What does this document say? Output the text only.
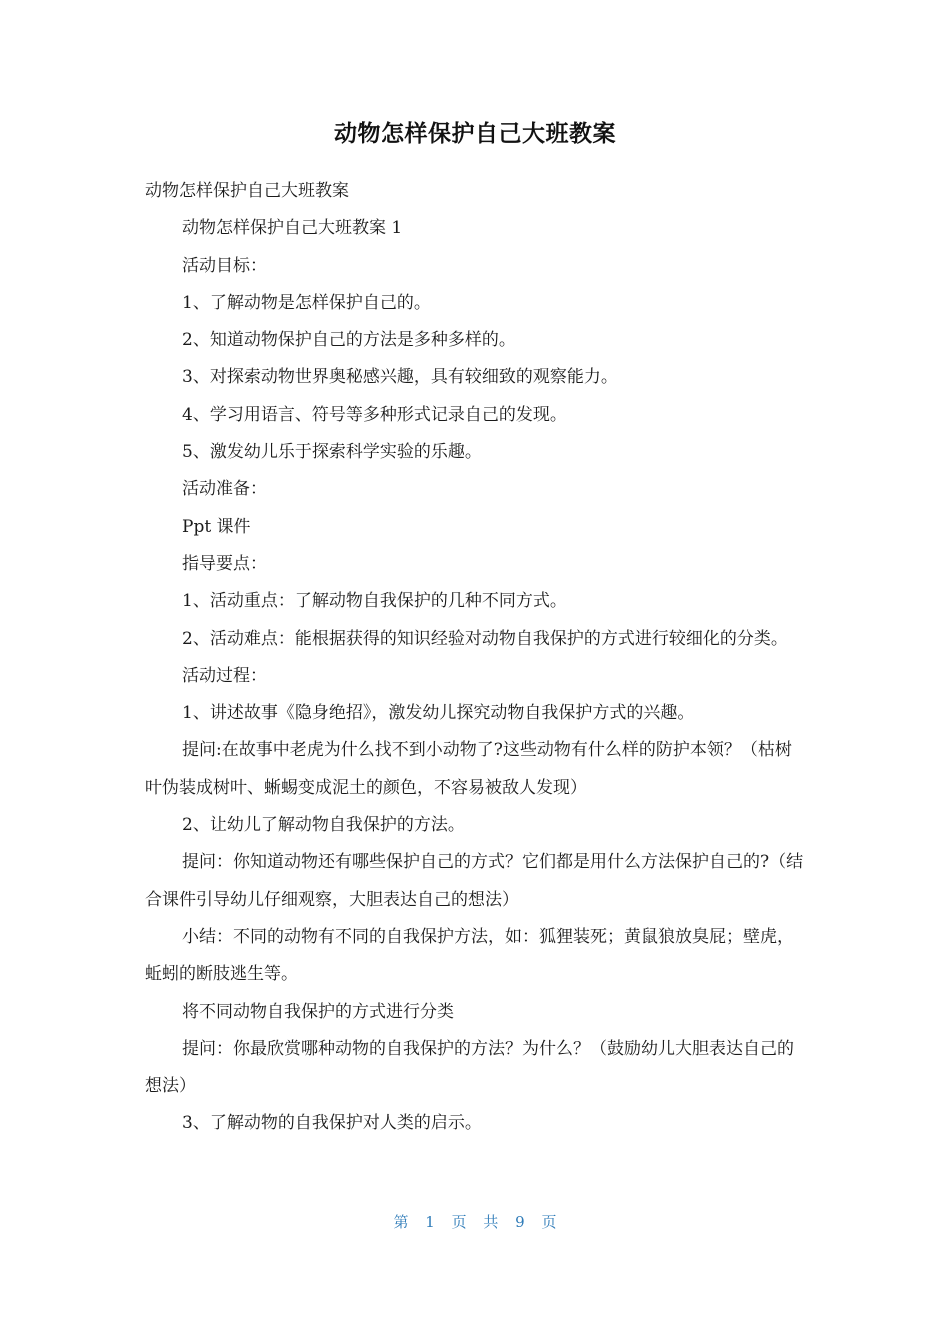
动物怎样保护自己大班教案

动物怎样保护自己大班教案

动物怎样保护自己大班教案 1

活动目标：

1、了解动物是怎样保护自己的。

2、知道动物保护自己的方法是多种多样的。

3、对探索动物世界奥秘感兴趣，具有较细致的观察能力。

4、学习用语言、符号等多种形式记录自己的发现。

5、激发幼儿乐于探索科学实验的乐趣。

活动准备：

Ppt 课件

指导要点：

1、活动重点：了解动物自我保护的几种不同方式。

2、活动难点：能根据获得的知识经验对动物自我保护的方式进行较细化的分类。

活动过程：

1、讲述故事《隐身绝招》，激发幼儿探究动物自我保护方式的兴趣。

提问:在故事中老虎为什么找不到小动物了?这些动物有什么样的防护本领？（枯树叶伪装成树叶、蜥蜴变成泥土的颜色，不容易被敌人发现）

2、让幼儿了解动物自我保护的方法。

提问：你知道动物还有哪些保护自己的方式？它们都是用什么方法保护自己的?（结合课件引导幼儿仔细观察，大胆表达自己的想法）

小结：不同的动物有不同的自我保护方法，如：狐狸装死；黄鼠狼放臭屁；壁虎，蚯蚓的断肢逃生等。

将不同动物自我保护的方式进行分类

提问：你最欣赏哪种动物的自我保护的方法？为什么？（鼓励幼儿大胆表达自己的想法）

3、了解动物的自我保护对人类的启示。

第 1 页 共 9 页
